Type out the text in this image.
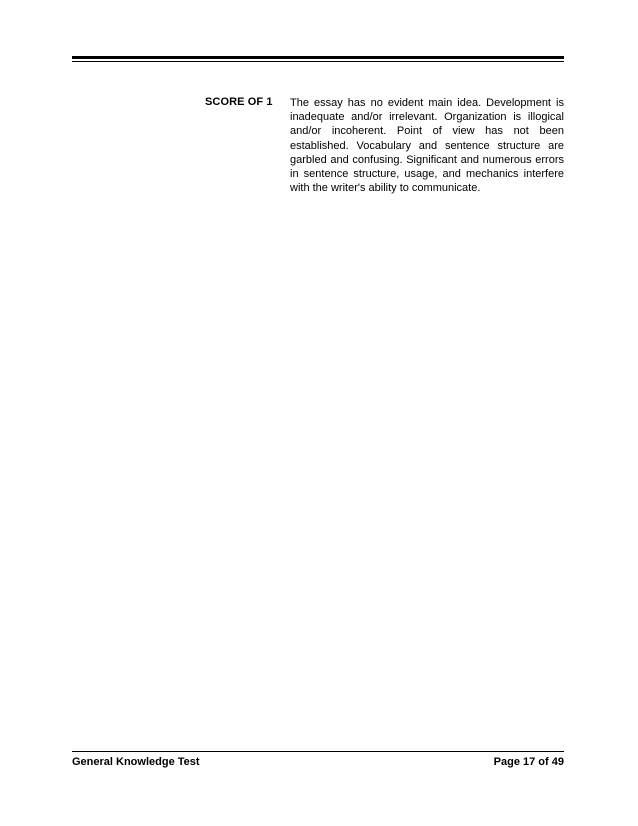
SCORE OF 1 The essay has no evident main idea. Development is inadequate and/or irrelevant. Organization is illogical and/or incoherent. Point of view has not been established. Vocabulary and sentence structure are garbled and confusing. Significant and numerous errors in sentence structure, usage, and mechanics interfere with the writer's ability to communicate.
General Knowledge Test	Page 17 of 49
